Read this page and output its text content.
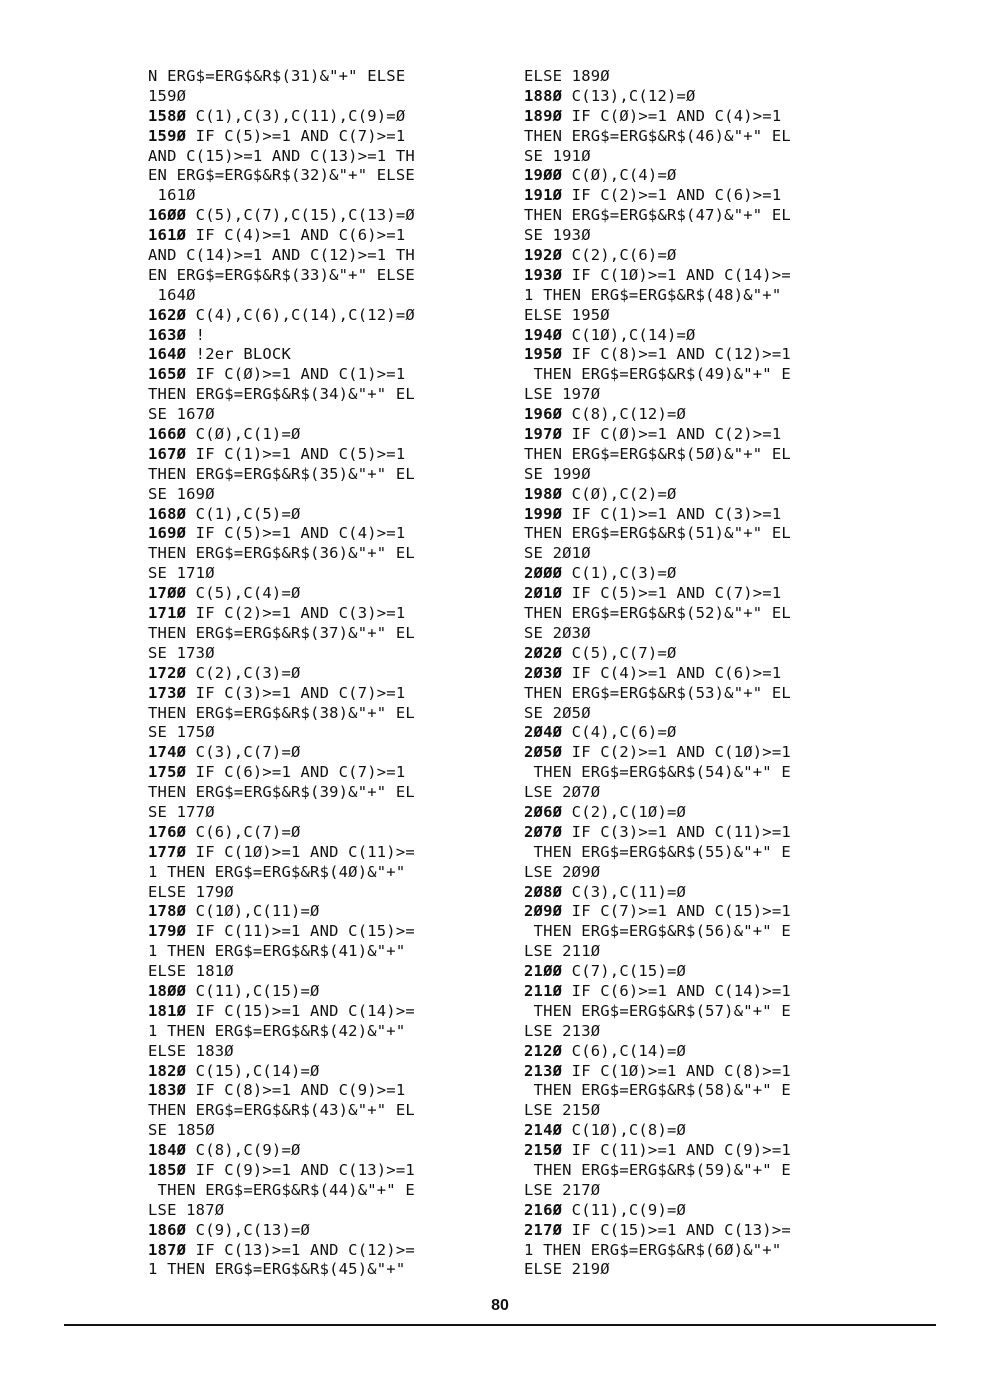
N ERG$=ERG$&R$(31)&"+" ELSE
159Ø
158Ø C(1),C(3),C(11),C(9)=Ø
159Ø IF C(5)>=1 AND C(7)>=1
AND C(15)>=1 AND C(13)>=1 TH
EN ERG$=ERG$&R$(32)&"+" ELSE
161Ø
16ØØ C(5),C(7),C(15),C(13)=Ø
161Ø IF C(4)>=1 AND C(6)>=1
AND C(14)>=1 AND C(12)>=1 TH
EN ERG$=ERG$&R$(33)&"+" ELSE
164Ø
162Ø C(4),C(6),C(14),C(12)=Ø
163Ø !
164Ø !2er BLOCK
165Ø IF C(Ø)>=1 AND C(1)>=1
THEN ERG$=ERG$&R$(34)&"+" EL
SE 167Ø
166Ø C(Ø),C(1)=Ø
167Ø IF C(1)>=1 AND C(5)>=1
THEN ERG$=ERG$&R$(35)&"+" EL
SE 169Ø
168Ø C(1),C(5)=Ø
169Ø IF C(5)>=1 AND C(4)>=1
THEN ERG$=ERG$&R$(36)&"+" EL
SE 171Ø
17ØØ C(5),C(4)=Ø
171Ø IF C(2)>=1 AND C(3)>=1
THEN ERG$=ERG$&R$(37)&"+" EL
SE 173Ø
172Ø C(2),C(3)=Ø
173Ø IF C(3)>=1 AND C(7)>=1
THEN ERG$=ERG$&R$(38)&"+" EL
SE 175Ø
174Ø C(3),C(7)=Ø
175Ø IF C(6)>=1 AND C(7)>=1
THEN ERG$=ERG$&R$(39)&"+" EL
SE 177Ø
176Ø C(6),C(7)=Ø
177Ø IF C(1Ø)>=1 AND C(11)>=
1 THEN ERG$=ERG$&R$(4Ø)&"+"
ELSE 179Ø
178Ø C(1Ø),C(11)=Ø
179Ø IF C(11)>=1 AND C(15)>=
1 THEN ERG$=ERG$&R$(41)&"+"
ELSE 181Ø
18ØØ C(11),C(15)=Ø
181Ø IF C(15)>=1 AND C(14)>=
1 THEN ERG$=ERG$&R$(42)&"+"
ELSE 183Ø
182Ø C(15),C(14)=Ø
183Ø IF C(8)>=1 AND C(9)>=1
THEN ERG$=ERG$&R$(43)&"+" EL
SE 185Ø
184Ø C(8),C(9)=Ø
185Ø IF C(9)>=1 AND C(13)>=1
THEN ERG$=ERG$&R$(44)&"+" E
LSE 187Ø
186Ø C(9),C(13)=Ø
187Ø IF C(13)>=1 AND C(12)>=
1 THEN ERG$=ERG$&R$(45)&"+"
ELSE 189Ø
188Ø C(13),C(12)=Ø
189Ø IF C(Ø)>=1 AND C(4)>=1
THEN ERG$=ERG$&R$(46)&"+" EL
SE 191Ø
19ØØ C(Ø),C(4)=Ø
191Ø IF C(2)>=1 AND C(6)>=1
THEN ERG$=ERG$&R$(47)&"+" EL
SE 193Ø
192Ø C(2),C(6)=Ø
193Ø IF C(1Ø)>=1 AND C(14)>=
1 THEN ERG$=ERG$&R$(48)&"+"
ELSE 195Ø
194Ø C(1Ø),C(14)=Ø
195Ø IF C(8)>=1 AND C(12)>=1
THEN ERG$=ERG$&R$(49)&"+" E
LSE 197Ø
196Ø C(8),C(12)=Ø
197Ø IF C(Ø)>=1 AND C(2)>=1
THEN ERG$=ERG$&R$(5Ø)&"+" EL
SE 199Ø
198Ø C(Ø),C(2)=Ø
199Ø IF C(1)>=1 AND C(3)>=1
THEN ERG$=ERG$&R$(51)&"+" EL
SE 2Ø1Ø
2ØØØ C(1),C(3)=Ø
2Ø1Ø IF C(5)>=1 AND C(7)>=1
THEN ERG$=ERG$&R$(52)&"+" EL
SE 2Ø3Ø
2Ø2Ø C(5),C(7)=Ø
2Ø3Ø IF C(4)>=1 AND C(6)>=1
THEN ERG$=ERG$&R$(53)&"+" EL
SE 2Ø5Ø
2Ø4Ø C(4),C(6)=Ø
2Ø5Ø IF C(2)>=1 AND C(1Ø)>=1
THEN ERG$=ERG$&R$(54)&"+" E
LSE 2Ø7Ø
2Ø6Ø C(2),C(1Ø)=Ø
2Ø7Ø IF C(3)>=1 AND C(11)>=1
THEN ERG$=ERG$&R$(55)&"+" E
LSE 2Ø9Ø
2Ø8Ø C(3),C(11)=Ø
2Ø9Ø IF C(7)>=1 AND C(15)>=1
THEN ERG$=ERG$&R$(56)&"+" E
LSE 211Ø
21ØØ C(7),C(15)=Ø
211Ø IF C(6)>=1 AND C(14)>=1
THEN ERG$=ERG$&R$(57)&"+" E
LSE 213Ø
212Ø C(6),C(14)=Ø
213Ø IF C(1Ø)>=1 AND C(8)>=1
THEN ERG$=ERG$&R$(58)&"+" E
LSE 215Ø
214Ø C(1Ø),C(8)=Ø
215Ø IF C(11)>=1 AND C(9)>=1
THEN ERG$=ERG$&R$(59)&"+" E
LSE 217Ø
216Ø C(11),C(9)=Ø
217Ø IF C(15)>=1 AND C(13)>=
1 THEN ERG$=ERG$&R$(6Ø)&"+"
ELSE 219Ø
80
